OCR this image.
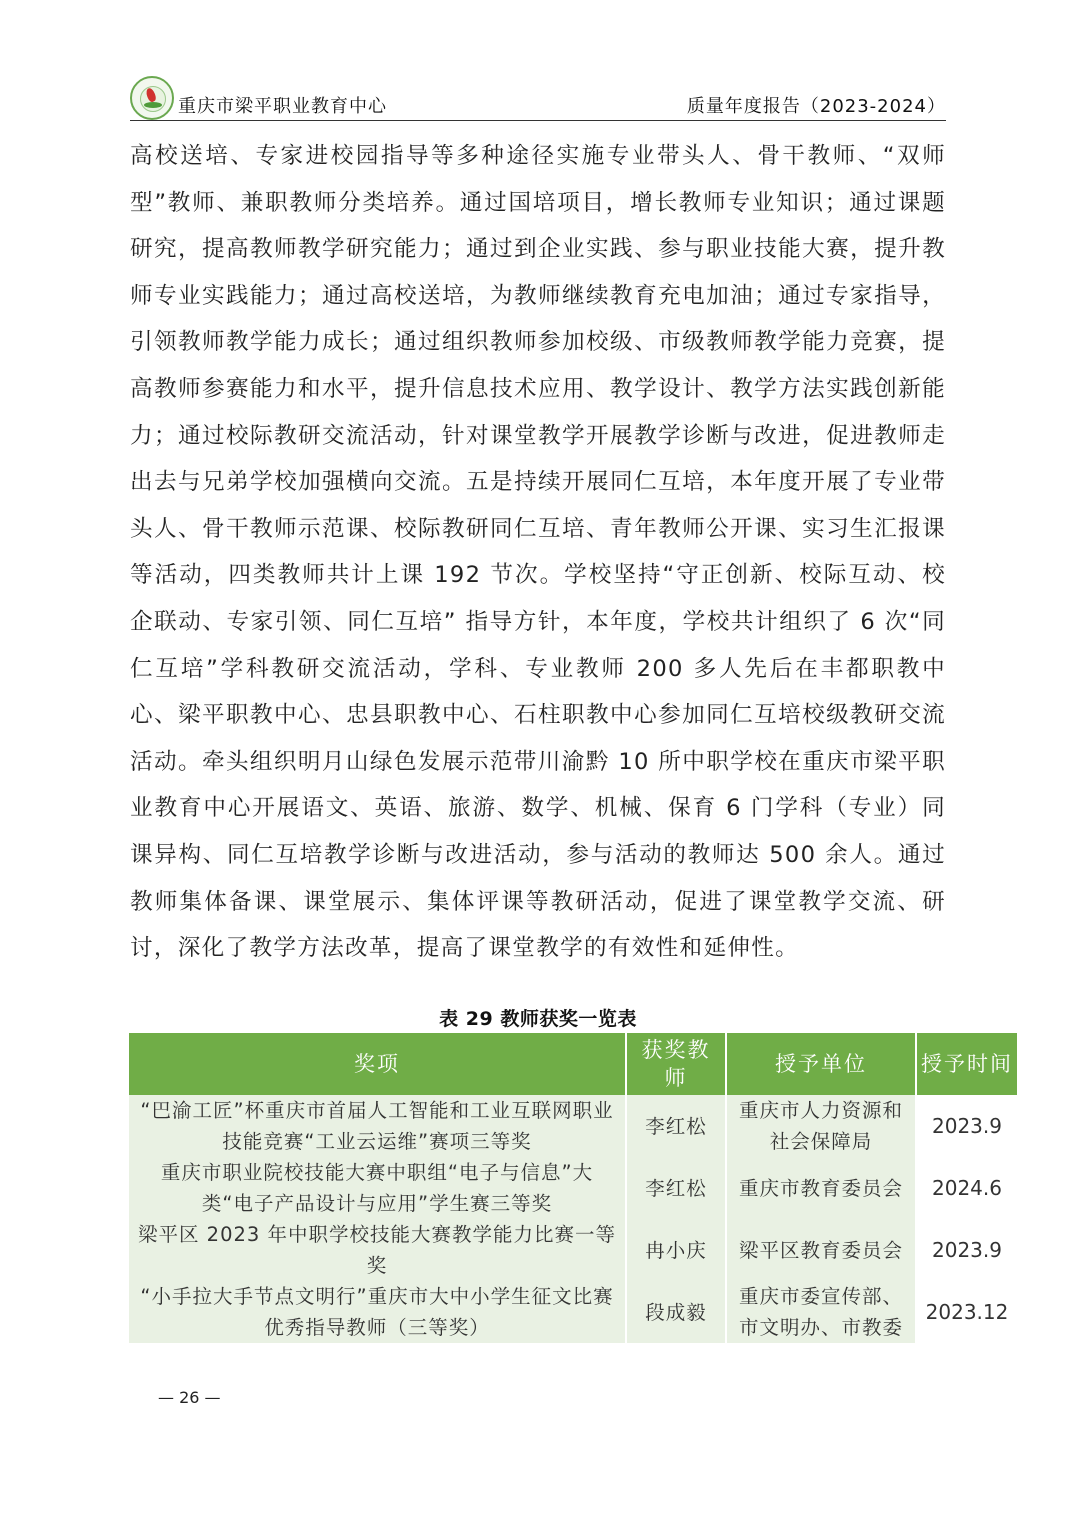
重庆市梁平职业教育中心	质量年度报告（2023-2024）
高校送培、专家进校园指导等多种途径实施专业带头人、骨干教师、“双师型”教师、兼职教师分类培养。通过国培项目，增长教师专业知识；通过课题研究，提高教师教学研究能力；通过到企业实践、参与职业技能大赛，提升教师专业实践能力；通过高校送培，为教师继续教育充电加油；通过专家指导，引领教师教学能力成长；通过组织教师参加校级、市级教师教学能力竞赛，提高教师参赛能力和水平，提升信息技术应用、教学设计、教学方法实践创新能力；通过校际教研交流活动，针对课堂教学开展教学诊断与改进，促进教师走出去与兄弟学校加强横向交流。五是持续开展同仁互培，本年度开展了专业带头人、骨干教师示范课、校际教研同仁互培、青年教师公开课、实习生汇报课等活动，四类教师共计上课 192 节次。学校坚持“守正创新、校际互动、校企联动、专家引领、同仁互培” 指导方针，本年度，学校共计组织了 6 次“同仁互培”学科教研交流活动，学科、专业教师 200 多人先后在丰都职教中心、梁平职教中心、忠县职教中心、石柱职教中心参加同仁互培校级教研交流活动。牵头组织明月山绿色发展示范带川渝黔 10 所中职学校在重庆市梁平职业教育中心开展语文、英语、旅游、数学、机械、保育 6 门学科（专业）同课异构、同仁互培教学诊断与改进活动，参与活动的教师达 500 余人。通过教师集体备课、课堂展示、集体评课等教研活动，促进了课堂教学交流、研讨，深化了教学方法改革，提高了课堂教学的有效性和延伸性。
表 29 教师获奖一览表
奖项	获奖教师	授予单位	授予时间
“巴渝工匠”杯重庆市首届人工智能和工业互联网职业技能竞赛“工业云运维”赛项三等奖	李红松	重庆市人力资源和社会保障局	2023.9
重庆市职业院校技能大赛中职组“电子与信息”大类“电子产品设计与应用”学生赛三等奖	李红松	重庆市教育委员会	2024.6
梁平区 2023 年中职学校技能大赛教学能力比赛一等奖	冉小庆	梁平区教育委员会	2023.9
“小手拉大手节点文明行”重庆市大中小学生征文比赛优秀指导教师（三等奖）	段成毅	重庆市委宣传部、市文明办、市教委	2023.12
— 26 —
